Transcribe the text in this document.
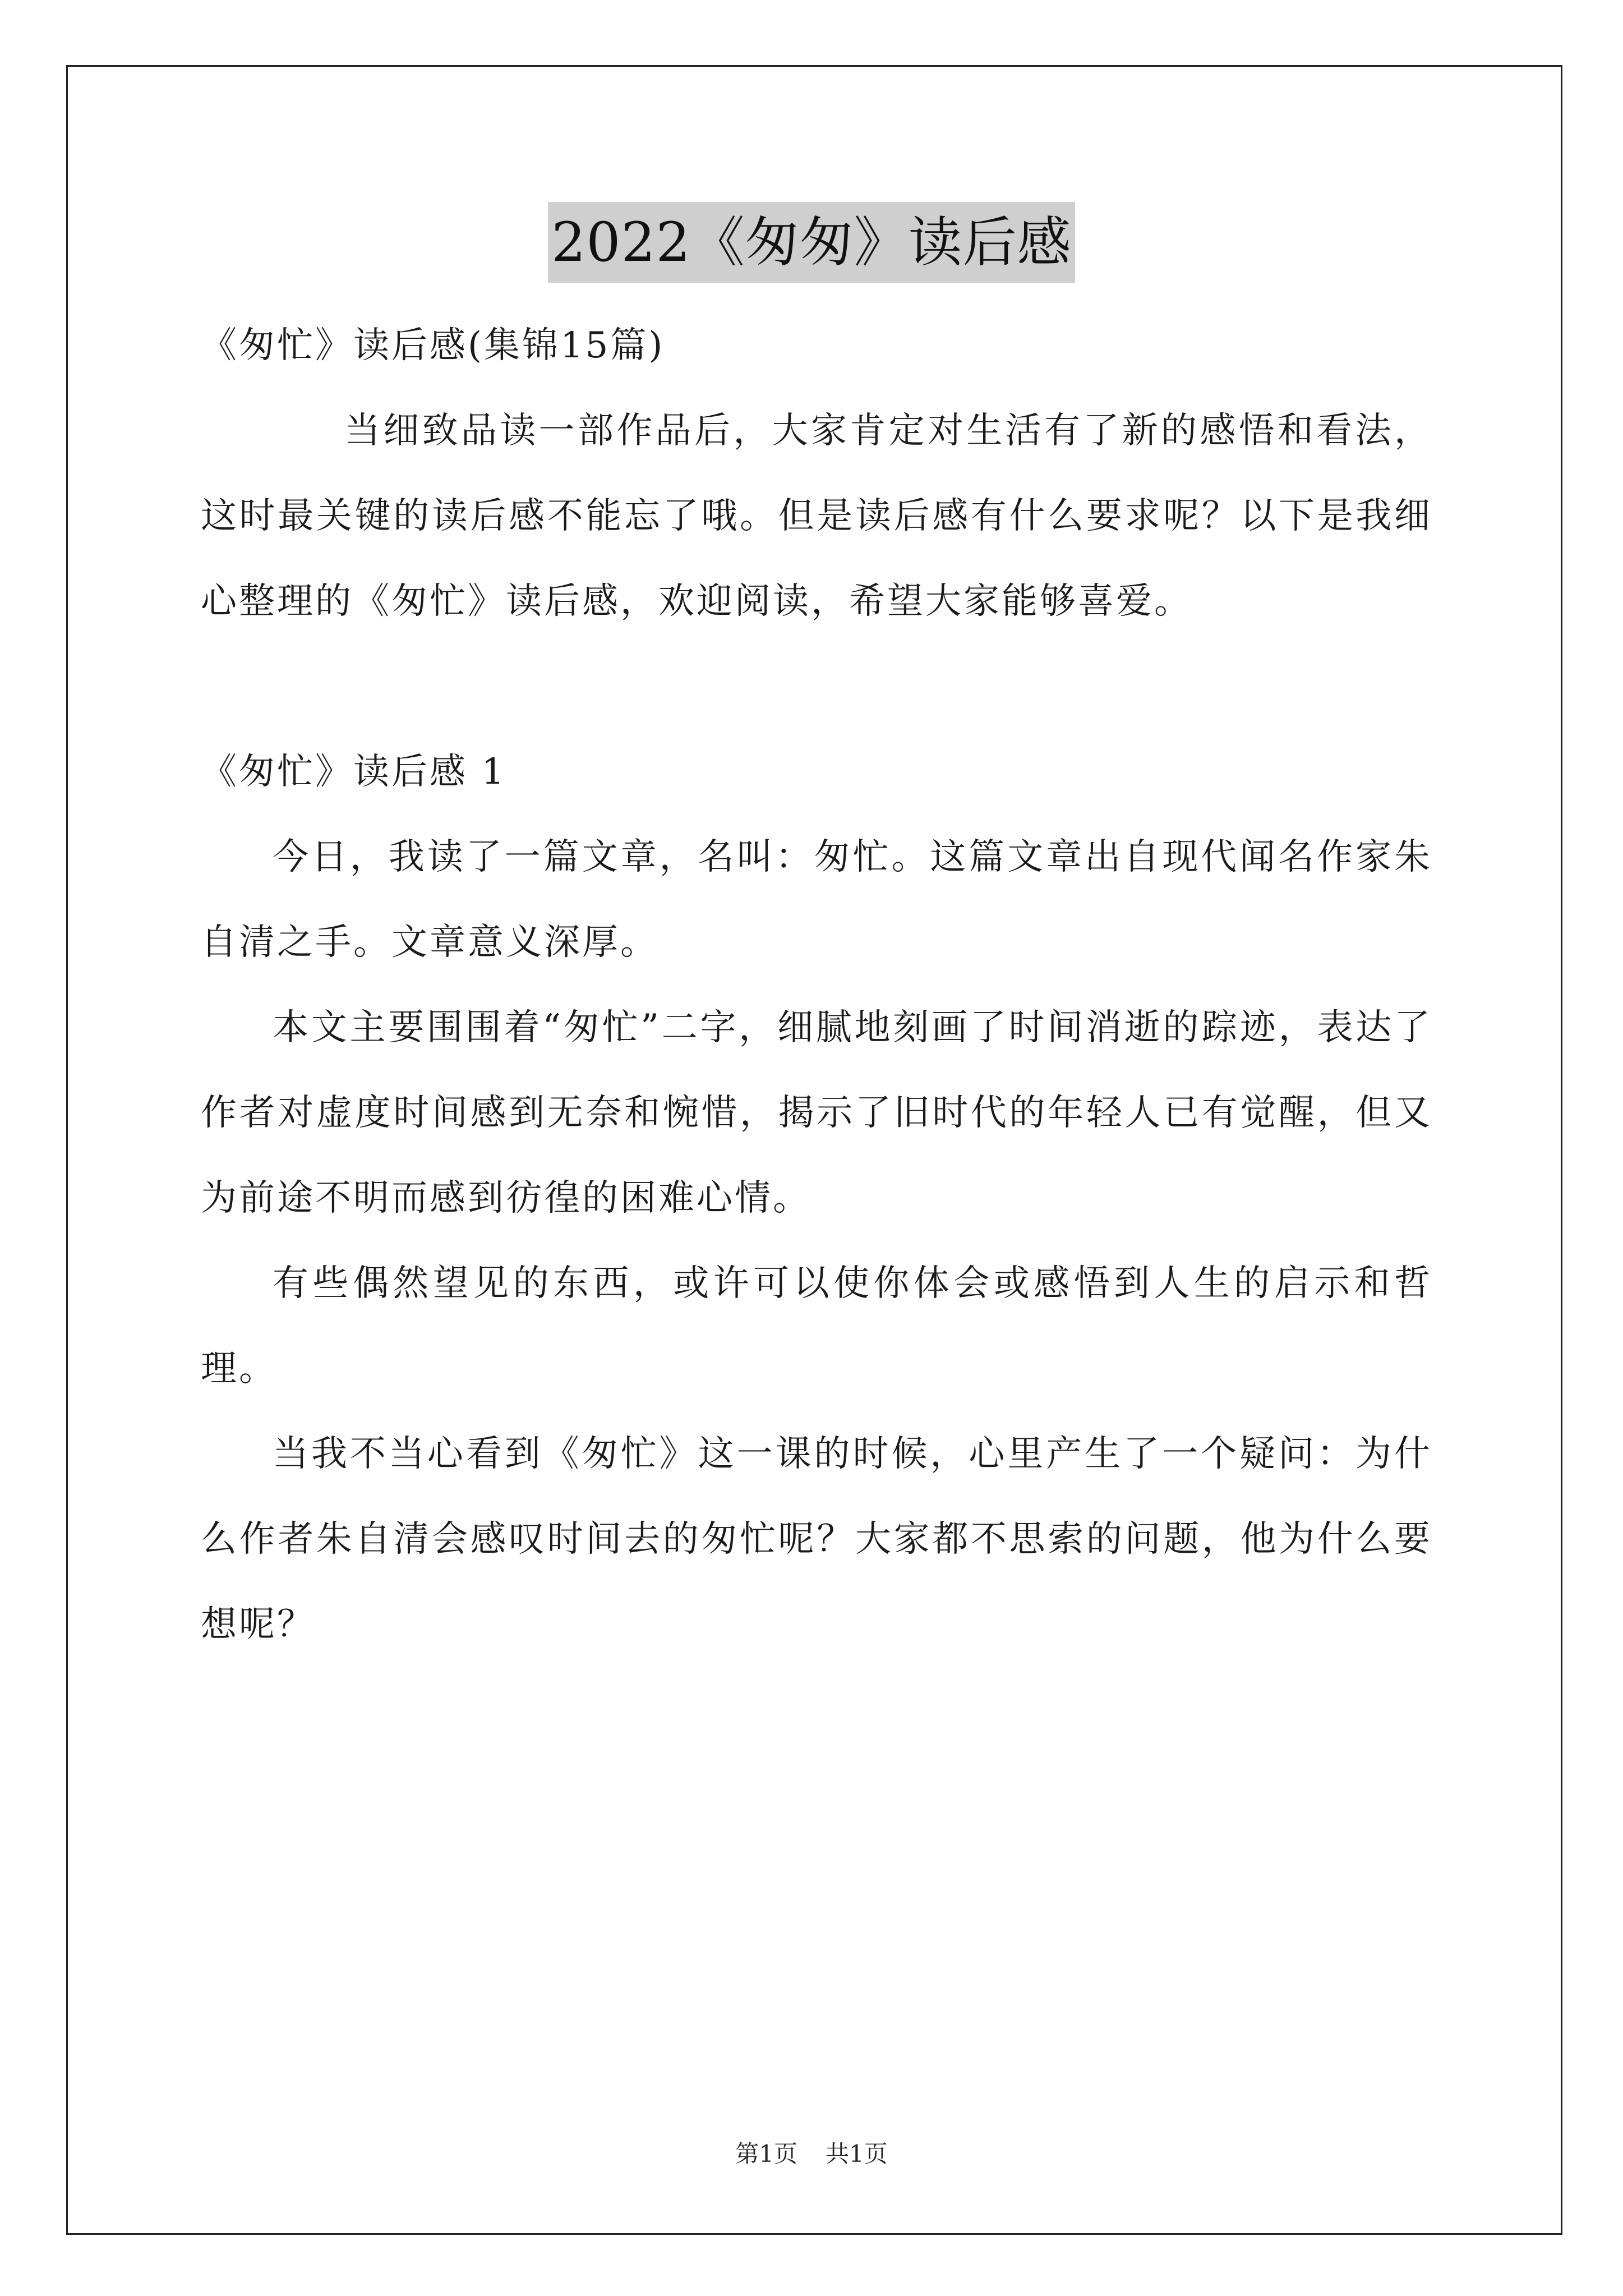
2022《匆匆》读后感

《匆忙》读后感(集锦15篇)

当细致品读一部作品后，大家肯定对生活有了新的感悟和看法，这时最关键的读后感不能忘了哦。但是读后感有什么要求呢？以下是我细心整理的《匆忙》读后感，欢迎阅读，希望大家能够喜爱。

《匆忙》读后感 1

今日，我读了一篇文章，名叫：匆忙。这篇文章出自现代闻名作家朱自清之手。文章意义深厚。

本文主要围围着“匆忙”二字，细腻地刻画了时间消逝的踪迹，表达了作者对虚度时间感到无奈和惋惜，揭示了旧时代的年轻人已有觉醒，但又为前途不明而感到彷徨的困难心情。

有些偶然望见的东西，或许可以使你体会或感悟到人生的启示和哲理。

当我不当心看到《匆忙》这一课的时候，心里产生了一个疑问：为什么作者朱自清会感叹时间去的匆忙呢？大家都不思索的问题，他为什么要想呢？

第1页 共1页
